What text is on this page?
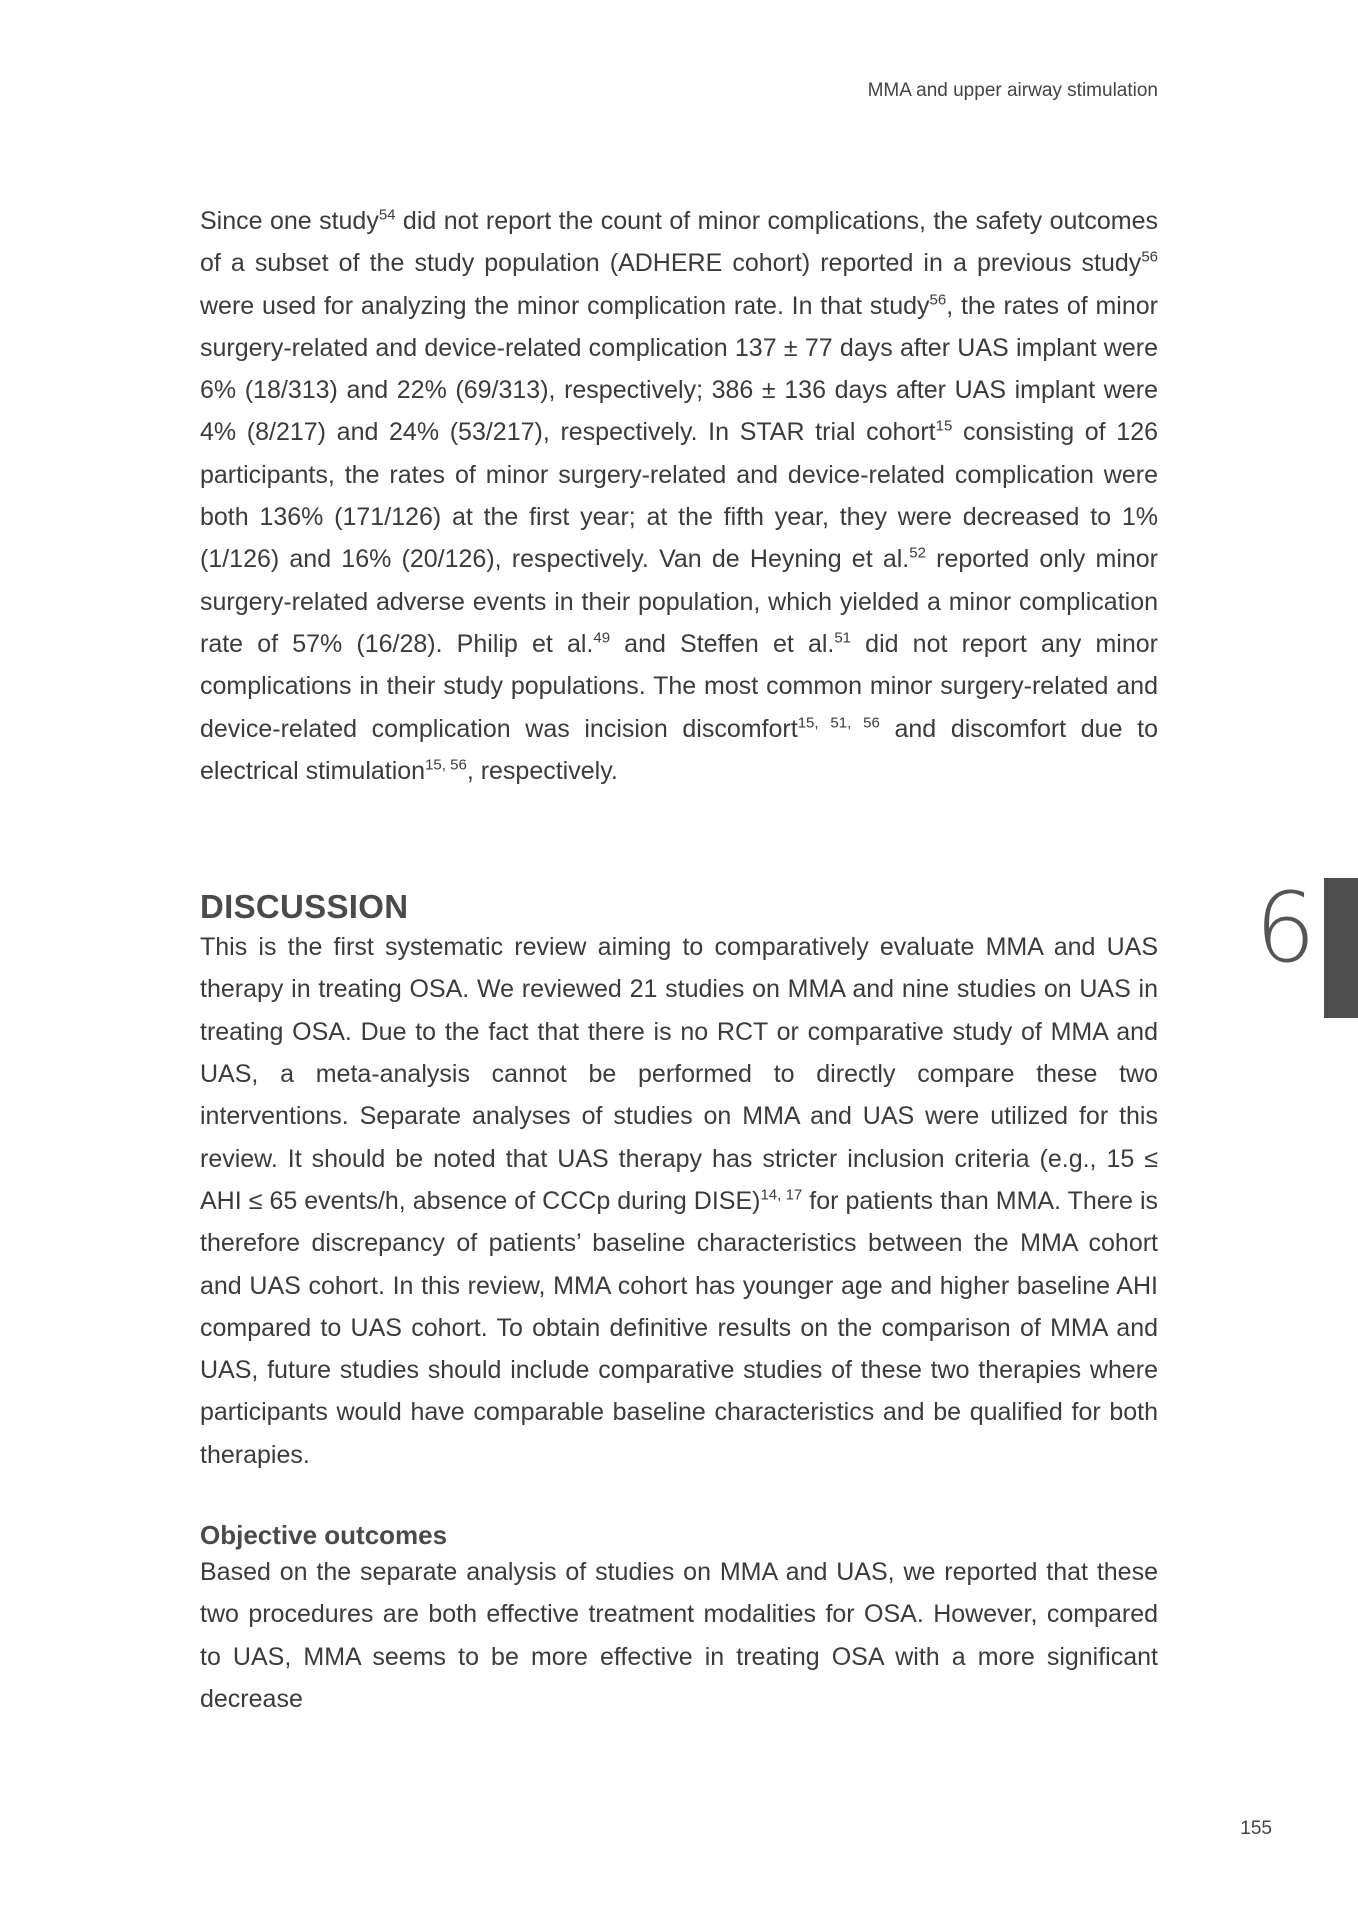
MMA and upper airway stimulation

Since one study$^{54}$ did not report the count of minor complications, the safety outcomes of a subset of the study population (ADHERE cohort) reported in a previous study$^{56}$ were used for analyzing the minor complication rate. In that study$^{56}$, the rates of minor surgery-related and device-related complication 137 ± 77 days after UAS implant were 6% (18/313) and 22% (69/313), respectively; 386 ± 136 days after UAS implant were 4% (8/217) and 24% (53/217), respectively. In STAR trial cohort$^{15}$ consisting of 126 participants, the rates of minor surgery-related and device-related complication were both 136% (171/126) at the first year; at the fifth year, they were decreased to 1% (1/126) and 16% (20/126), respectively. Van de Heyning et al.$^{52}$ reported only minor surgery-related adverse events in their population, which yielded a minor complication rate of 57% (16/28). Philip et al.$^{49}$ and Steffen et al.$^{51}$ did not report any minor complications in their study populations. The most common minor surgery-related and device-related complication was incision discomfort$^{15, 51, 56}$ and discomfort due to electrical stimulation$^{15, 56}$, respectively.

DISCUSSION

This is the first systematic review aiming to comparatively evaluate MMA and UAS therapy in treating OSA. We reviewed 21 studies on MMA and nine studies on UAS in treating OSA. Due to the fact that there is no RCT or comparative study of MMA and UAS, a meta-analysis cannot be performed to directly compare these two interventions. Separate analyses of studies on MMA and UAS were utilized for this review. It should be noted that UAS therapy has stricter inclusion criteria (e.g., 15 ≤ AHI ≤ 65 events/h, absence of CCCp during DISE)$^{14, 17}$ for patients than MMA. There is therefore discrepancy of patients’ baseline characteristics between the MMA cohort and UAS cohort. In this review, MMA cohort has younger age and higher baseline AHI compared to UAS cohort. To obtain definitive results on the comparison of MMA and UAS, future studies should include comparative studies of these two therapies where participants would have comparable baseline characteristics and be qualified for both therapies.

Objective outcomes

Based on the separate analysis of studies on MMA and UAS, we reported that these two procedures are both effective treatment modalities for OSA. However, compared to UAS, MMA seems to be more effective in treating OSA with a more significant decrease

6
155
